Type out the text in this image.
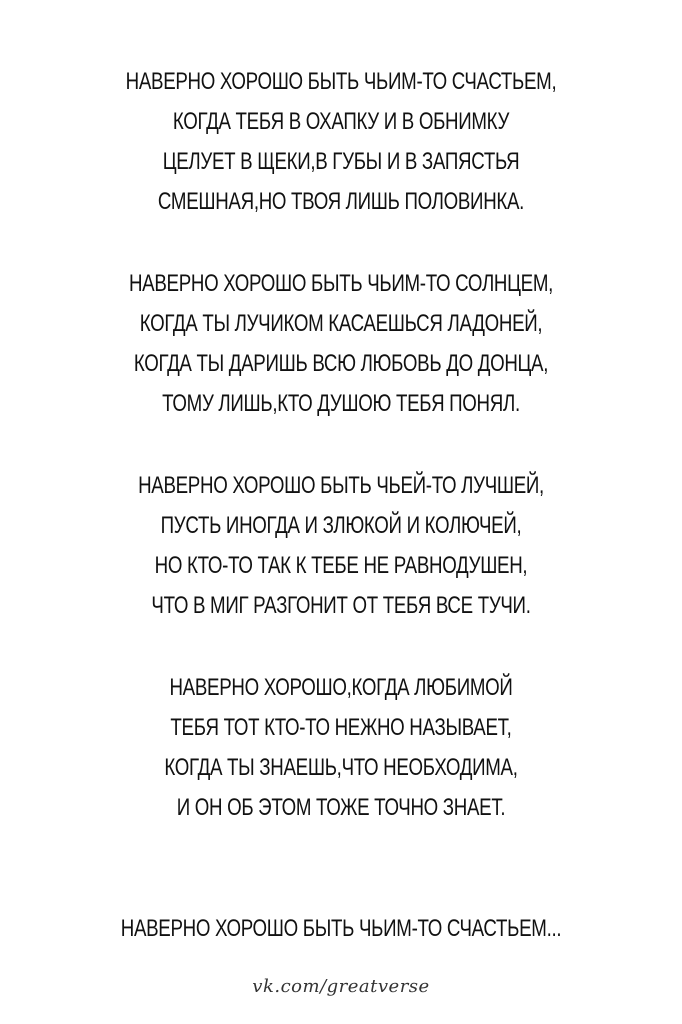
НАВЕРНО ХОРОШО БЫТЬ ЧЬИМ-ТО СЧАСТЬЕМ,
КОГДА ТЕБЯ В ОХАПКУ И В ОБНИМКУ
ЦЕЛУЕТ В ЩЕКИ,В ГУБЫ И В ЗАПЯСТЬЯ
СМЕШНАЯ,НО ТВОЯ ЛИШЬ ПОЛОВИНКА.
НАВЕРНО ХОРОШО БЫТЬ ЧЬИМ-ТО СОЛНЦЕМ,
КОГДА ТЫ ЛУЧИКОМ КАСАЕШЬСЯ ЛАДОНЕЙ,
КОГДА ТЫ ДАРИШЬ ВСЮ ЛЮБОВЬ ДО ДОНЦА,
ТОМУ ЛИШЬ,КТО ДУШОЮ ТЕБЯ ПОНЯЛ.
НАВЕРНО ХОРОШО БЫТЬ ЧЬЕЙ-ТО ЛУЧШЕЙ,
ПУСТЬ ИНОГДА И ЗЛЮКОЙ И КОЛЮЧЕЙ,
НО КТО-ТО ТАК К ТЕБЕ НЕ РАВНОДУШЕН,
ЧТО В МИГ РАЗГОНИТ ОТ ТЕБЯ ВСЕ ТУЧИ.
НАВЕРНО ХОРОШО,КОГДА ЛЮБИМОЙ
ТЕБЯ ТОТ КТО-ТО НЕЖНО НАЗЫВАЕТ,
КОГДА ТЫ ЗНАЕШЬ,ЧТО НЕОБХОДИМА,
И ОН ОБ ЭТОМ ТОЖЕ ТОЧНО ЗНАЕТ.
НАВЕРНО ХОРОШО БЫТЬ ЧЬИМ-ТО СЧАСТЬЕМ...
vk.com/greatverse
